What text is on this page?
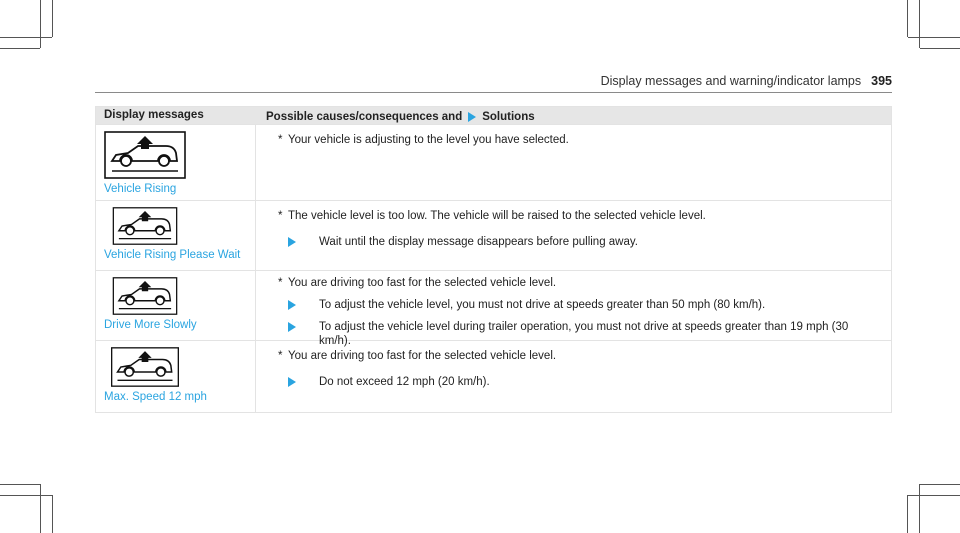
Display messages and warning/indicator lamps 395
Display messages	Possible causes/consequences and Solutions
Vehicle Rising
* Your vehicle is adjusting to the level you have selected.
Vehicle Rising Please Wait
* The vehicle level is too low. The vehicle will be raised to the selected vehicle level.
Wait until the display message disappears before pulling away.
Drive More Slowly
* You are driving too fast for the selected vehicle level.
To adjust the vehicle level, you must not drive at speeds greater than 50 mph (80 km/h).
To adjust the vehicle level during trailer operation, you must not drive at speeds greater than 19 mph (30 km/h).
Max. Speed 12 mph
* You are driving too fast for the selected vehicle level.
Do not exceed 12 mph (20 km/h).
